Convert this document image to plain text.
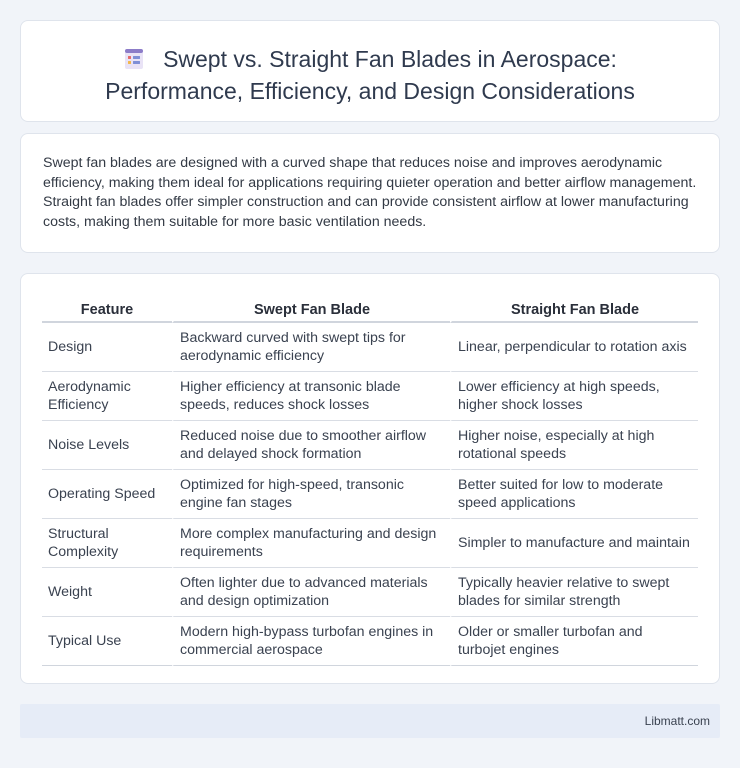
Swept vs. Straight Fan Blades in Aerospace:
Performance, Efficiency, and Design Considerations

Swept fan blades are designed with a curved shape that reduces noise and improves aerodynamic efficiency, making them ideal for applications requiring quieter operation and better airflow management. Straight fan blades offer simpler construction and can provide consistent airflow at lower manufacturing costs, making them suitable for more basic ventilation needs.

Feature	Swept Fan Blade	Straight Fan Blade
Design	Backward curved with swept tips for aerodynamic efficiency	Linear, perpendicular to rotation axis
Aerodynamic Efficiency	Higher efficiency at transonic blade speeds, reduces shock losses	Lower efficiency at high speeds, higher shock losses
Noise Levels	Reduced noise due to smoother airflow and delayed shock formation	Higher noise, especially at high rotational speeds
Operating Speed	Optimized for high-speed, transonic engine fan stages	Better suited for low to moderate speed applications
Structural Complexity	More complex manufacturing and design requirements	Simpler to manufacture and maintain
Weight	Often lighter due to advanced materials and design optimization	Typically heavier relative to swept blades for similar strength
Typical Use	Modern high-bypass turbofan engines in commercial aerospace	Older or smaller turbofan and turbojet engines
Libmatt.com
